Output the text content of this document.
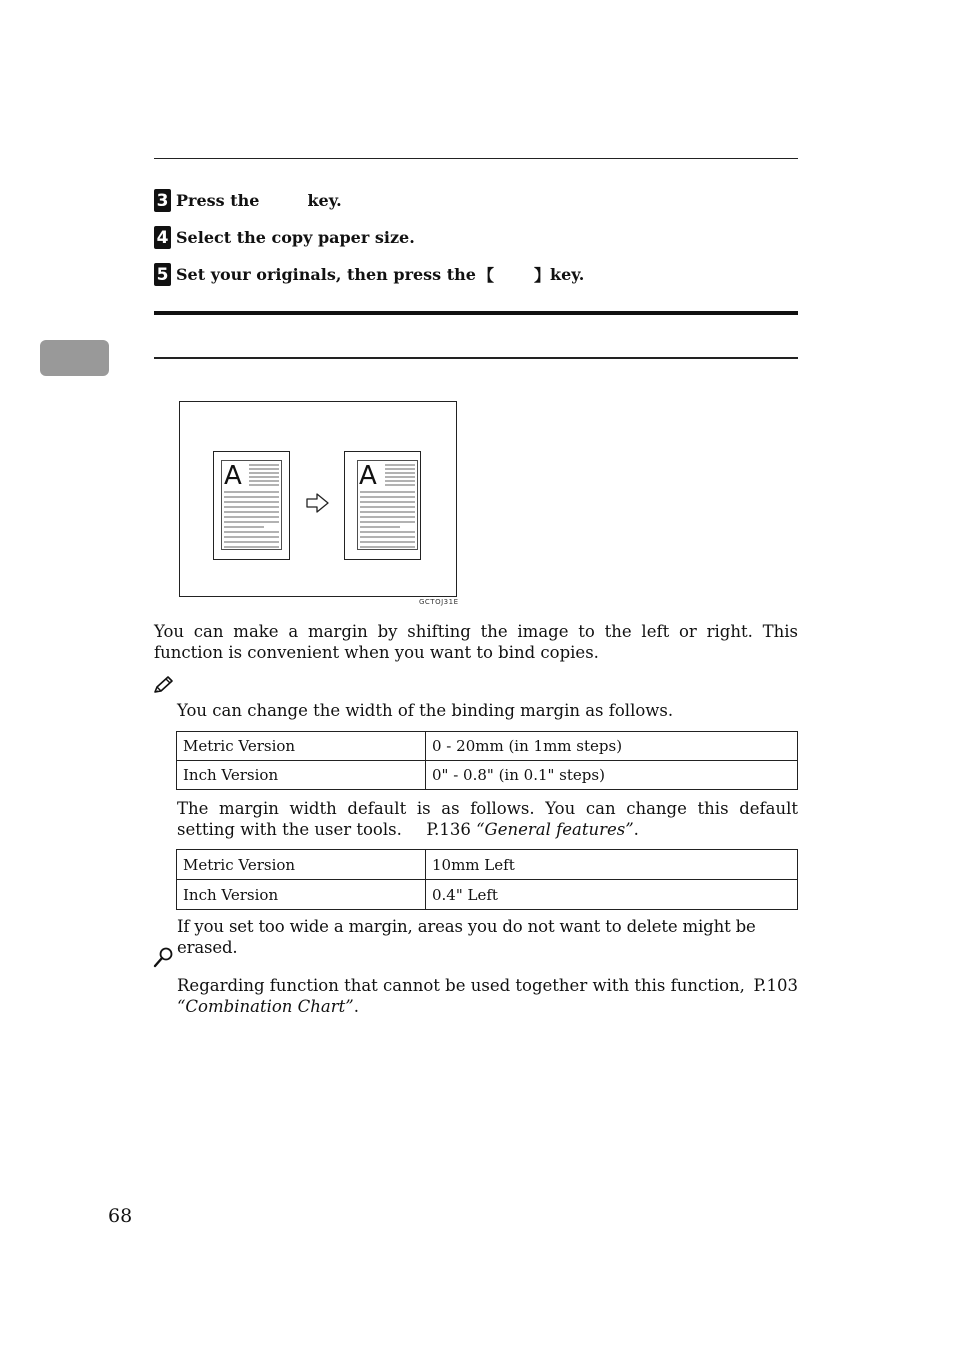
3 Press the	key.
4 Select the copy paper size.
5 Set your originals, then press the 【	】 key.
A	A
GCTOJ31E
You can make a margin by shifting the image to the left or right. This function is convenient when you want to bind copies.
You can change the width of the binding margin as follows.
Metric Version	0 - 20mm (in 1mm steps)
Inch Version	0" - 0.8" (in 0.1" steps)
The margin width default is as follows. You can change this default setting with the user tools. P.136 “General features”.
Metric Version	10mm Left
Inch Version	0.4" Left
If you set too wide a margin, areas you do not want to delete might be erased.
Regarding function that cannot be used together with this function, P.103
“Combination Chart”.
68
